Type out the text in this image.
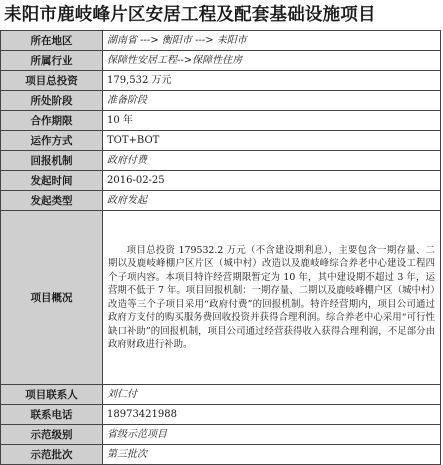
耒阳市鹿岐峰片区安居工程及配套基础设施项目
所在地区	湖南省 ---> 衡阳市 ---> 耒阳市
所属行业	保障性安居工程-->保障性住房
项目总投资	179,532 万元
所处阶段	准备阶段
合作期限	10 年
运作方式	TOT+BOT
回报机制	政府付费
发起时间	2016-02-25
发起类型	政府发起
项目概况	项目总投资 179532.2 万元（不含建设期利息），主要包含一期存量、二期以及鹿岐峰棚户区片区（城中村）改造以及鹿岐峰综合养老中心建设工程四个子项内容。本项目特许经营期限暂定为 10 年，其中建设期不超过 3 年，运营期不低于 7 年。项目回报机制：一期存量、二期以及鹿岐峰棚户区（城中村）改造等三个子项目采用“政府付费”的回报机制。特许经营期内，项目公司通过政府方支付的购买服务费回收投资并获得合理利润。综合养老中心采用“可行性缺口补助”的回报机制，项目公司通过经营获得收入获得合理利润，不足部分由政府财政进行补助。
项目联系人	刘仁付
联系电话	18973421988
示范级别	省级示范项目
示范批次	第三批次
